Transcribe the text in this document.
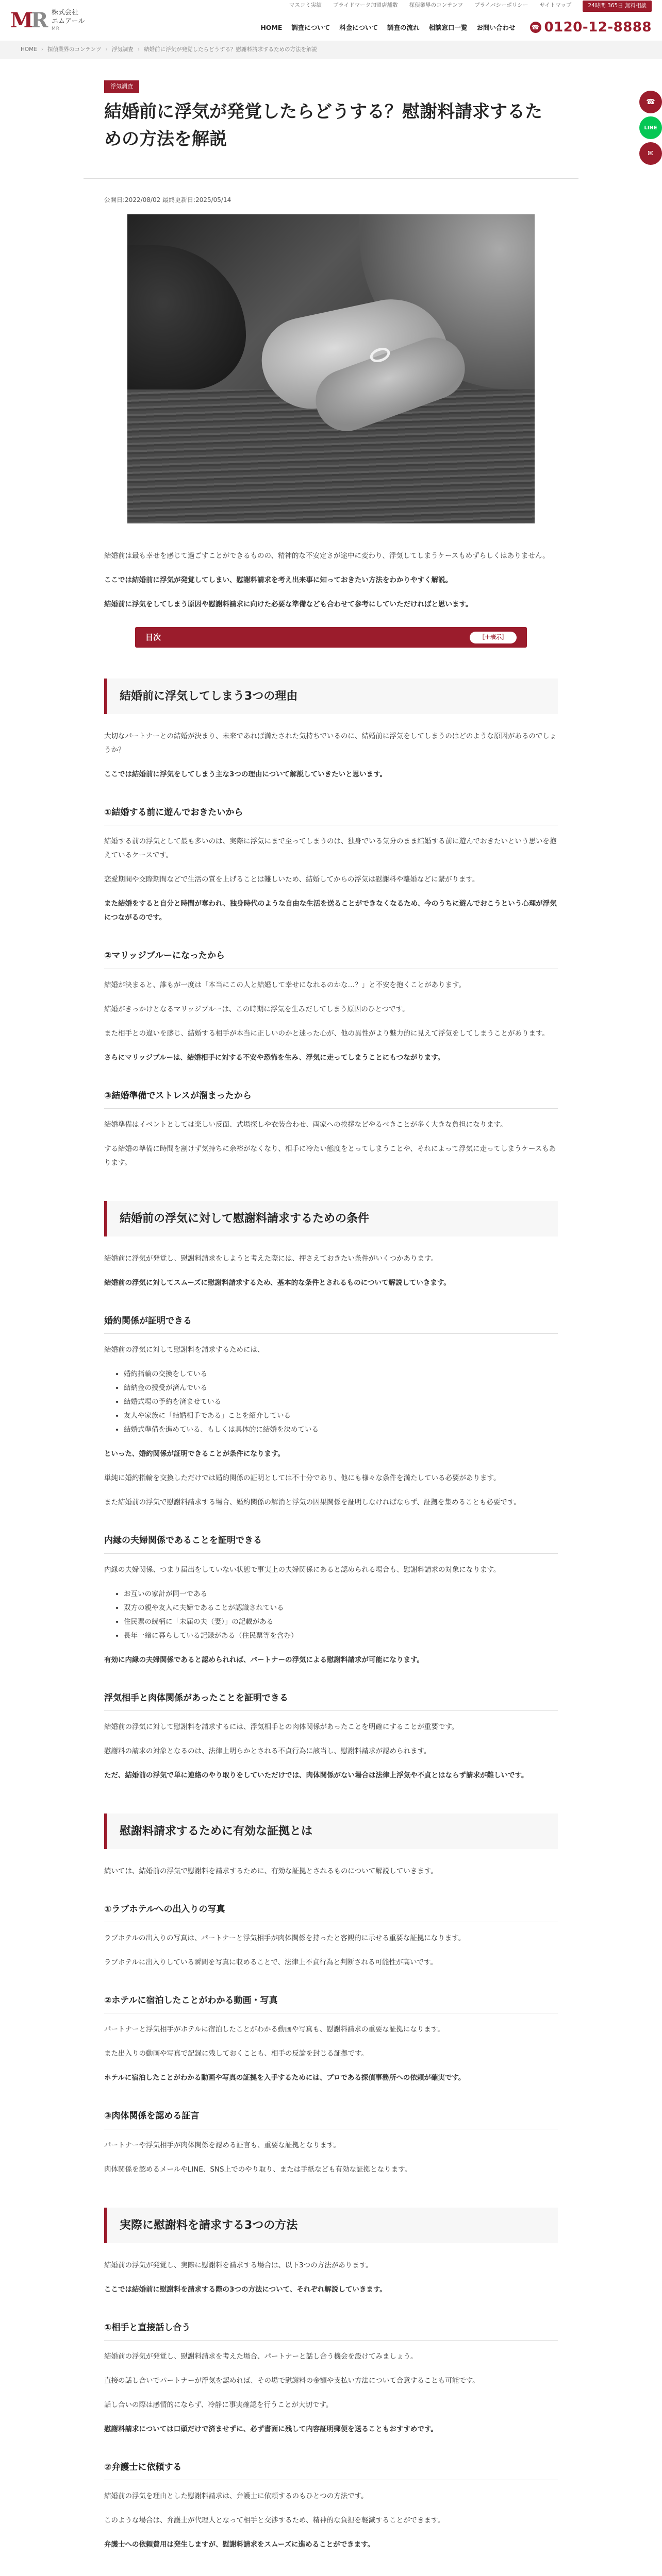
M
R 株式会社
エムアール
MR
マスコミ実績 ブライドマーク加盟店舗数 探偵業界のコンテンツ プライバシーポリシー サイトマップ	24時間 365日 無料相談
HOME 調査について 料金について 調査の流れ 相談窓口一覧 お問い合わせ	☎ 0120-12-8888
HOME › 探偵業界のコンテンツ › 浮気調査 › 結婚前に浮気が発覚したらどうする？慰謝料請求するための方法を解説
☎
LINE
✉
浮気調査
結婚前に浮気が発覚したらどうする？慰謝料請求するための方法を解説
公開日:2022/08/02 最終更新日:2025/05/14

結婚前は最も幸せを感じて過ごすことができるものの、精神的な不安定さが途中に変わり、浮気してしまうケースもめずらしくはありません。

ここでは結婚前に浮気が発覚してしまい、慰謝料請求を考え出来事に知っておきたい方法をわかりやすく解説。

結婚前に浮気をしてしまう原因や慰謝料請求に向けた必要な準備なども合わせて参考にしていただければと思います。

目次	［＋表示］
結婚前に浮気してしまう3つの理由

大切なパートナーとの結婚が決まり、未来であれば満たされた気持ちでいるのに、結婚前に浮気をしてしまうのはどのような原因があるのでしょうか？

ここでは結婚前に浮気をしてしまう主な3つの理由について解説していきたいと思います。

①結婚する前に遊んでおきたいから

結婚する前の浮気として最も多いのは、実際に浮気にまで至ってしまうのは、独身でいる気分のまま結婚する前に遊んでおきたいという思いを抱えているケースです。

恋愛期間や交際期間などで生活の質を上げることは難しいため、結婚してからの浮気は慰謝料や離婚などに繋がります。

また結婚をすると自分と時間が奪われ、独身時代のような自由な生活を送ることができなくなるため、今のうちに遊んでおこうという心理が浮気につながるのです。

②マリッジブルーになったから

結婚が決まると、誰もが一度は「本当にこの人と結婚して幸せになれるのかな…？」と不安を抱くことがあります。

結婚がきっかけとなるマリッジブルーは、この時期に浮気を生みだしてしまう原因のひとつです。

また相手との違いを感じ、結婚する相手が本当に正しいのかと迷った心が、他の異性がより魅力的に見えて浮気をしてしまうことがあります。

さらにマリッジブルーは、結婚相手に対する不安や恐怖を生み、浮気に走ってしまうことにもつながります。

③結婚準備でストレスが溜まったから

結婚準備はイベントとしては楽しい反面、式場探しや衣装合わせ、両家への挨拶などやるべきことが多く大きな負担になります。

する結婚の準備に時間を割けず気持ちに余裕がなくなり、相手に冷たい態度をとってしまうことや、それによって浮気に走ってしまうケースもあります。

結婚前の浮気に対して慰謝料請求するための条件

結婚前に浮気が発覚し、慰謝料請求をしようと考えた際には、押さえておきたい条件がいくつかあります。

結婚前の浮気に対してスムーズに慰謝料請求するため、基本的な条件とされるものについて解説していきます。

婚約関係が証明できる

結婚前の浮気に対して慰謝料を請求するためには、

• 婚約指輪の交換をしている
• 結納金の授受が済んでいる
• 結婚式場の予約を済ませている
• 友人や家族に「結婚相手である」ことを紹介している
• 結婚式準備を進めている、もしくは具体的に結婚を決めている

といった、婚約関係が証明できることが条件になります。

単純に婚約指輪を交換しただけでは婚約関係の証明としては不十分であり、他にも様々な条件を満たしている必要があります。

また結婚前の浮気で慰謝料請求する場合、婚約関係の解消と浮気の因果関係を証明しなければならず、証拠を集めることも必要です。

内縁の夫婦関係であることを証明できる

内縁の夫婦関係、つまり届出をしていない状態で事実上の夫婦関係にあると認められる場合も、慰謝料請求の対象になります。

• お互いの家計が同一である
• 双方の親や友人に夫婦であることが認識されている
• 住民票の続柄に「未届の夫（妻）」の記載がある
• 長年一緒に暮らしている記録がある（住民票等を含む）

有効に内縁の夫婦関係であると認められれば、パートナーの浮気による慰謝料請求が可能になります。

浮気相手と肉体関係があったことを証明できる

結婚前の浮気に対して慰謝料を請求するには、浮気相手との肉体関係があったことを明確にすることが重要です。

慰謝料の請求の対象となるのは、法律上明らかとされる不貞行為に該当し、慰謝料請求が認められます。

ただ、結婚前の浮気で単に連絡のやり取りをしていただけでは、肉体関係がない場合は法律上浮気や不貞とはならず請求が難しいです。

慰謝料請求するために有効な証拠とは

続いては、結婚前の浮気で慰謝料を請求するために、有効な証拠とされるものについて解説していきます。

①ラブホテルへの出入りの写真

ラブホテルの出入りの写真は、パートナーと浮気相手が肉体関係を持ったと客観的に示せる重要な証拠になります。

ラブホテルに出入りしている瞬間を写真に収めることで、法律上不貞行為と判断される可能性が高いです。

②ホテルに宿泊したことがわかる動画・写真

パートナーと浮気相手がホテルに宿泊したことがわかる動画や写真も、慰謝料請求の重要な証拠になります。

また出入りの動画や写真で記録に残しておくことも、相手の反論を封じる証拠です。

ホテルに宿泊したことがわかる動画や写真の証拠を入手するためには、プロである探偵事務所への依頼が確実です。

③肉体関係を認める証言

パートナーや浮気相手が肉体関係を認める証言も、重要な証拠となります。

肉体関係を認めるメールやLINE、SNS上でのやり取り、または手紙なども有効な証拠となります。

実際に慰謝料を請求する3つの方法

結婚前の浮気が発覚し、実際に慰謝料を請求する場合は、以下3つの方法があります。

ここでは結婚前に慰謝料を請求する際の3つの方法について、それぞれ解説していきます。

①相手と直接話し合う

結婚前の浮気が発覚し、慰謝料請求を考えた場合、パートナーと話し合う機会を設けてみましょう。

直接の話し合いでパートナーが浮気を認めれば、その場で慰謝料の金額や支払い方法について合意することも可能です。

話し合いの際は感情的にならず、冷静に事実確認を行うことが大切です。

慰謝料請求については口頭だけで済ませずに、必ず書面に残して内容証明郵便を送ることもおすすめです。

②弁護士に依頼する

結婚前の浮気を理由とした慰謝料請求は、弁護士に依頼するのもひとつの方法です。

このような場合は、弁護士が代理人となって相手と交渉するため、精神的な負担を軽減することができます。

弁護士への依頼費用は発生しますが、慰謝料請求をスムーズに進めることができます。
